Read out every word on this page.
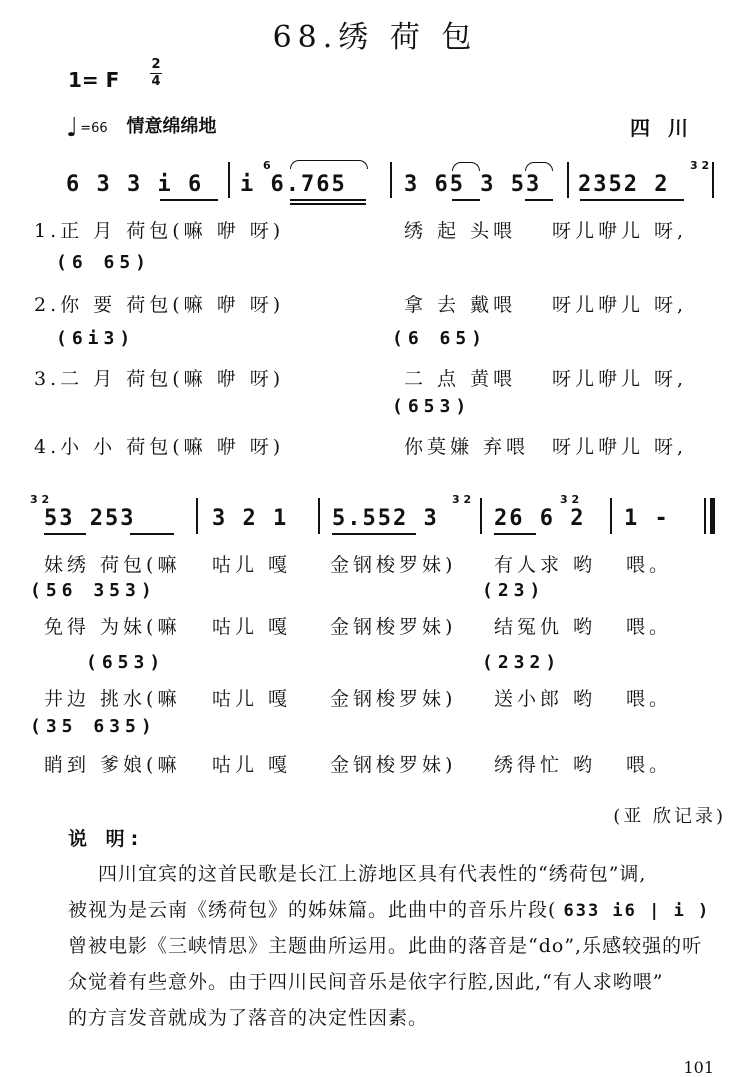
68.绣 荷 包
1= F
2
4
♩ =66 情意绵绵地	四川
6 3 3 i 6 i 6.765	3 65 3 53 2352 2
6	3 2
1.正 月 荷包(嘛 咿 呀)	绣 起 头喂 呀儿咿儿 呀,
(6 65)
2.你 要 荷包(嘛 咿 呀)	拿 去 戴喂 呀儿咿儿 呀,
(6i3)	(6 65)
3.二 月 荷包(嘛 咿 呀)	二 点 黄喂 呀儿咿儿 呀,
(653)
4.小 小 荷包(嘛 咿 呀)	你莫嫌 弃喂 呀儿咿儿 呀,
3 2
53 253	3 2 1 5.552 3
3 2
26 6 2
3 2
1 -
妹绣 荷包(嘛 咕儿 嘎 金钢梭罗妹) 有人求 哟 喂。
(56 353)	(23)
免得 为妹(嘛 咕儿 嘎 金钢梭罗妹) 结冤仇 哟 喂。
(653)	(232)
井边 挑水(嘛 咕儿 嘎 金钢梭罗妹) 送小郎 哟 喂。
(35 635)
睄到 爹娘(嘛 咕儿 嘎 金钢梭罗妹) 绣得忙 哟 喂。
(亚 欣记录)
说 明:
四川宜宾的这首民歌是长江上游地区具有代表性的“绣荷包”调,
被视为是云南《绣荷包》的姊妹篇。此曲中的音乐片段( 633 i6 | i )
曾被电影《三峡情思》主题曲所运用。此曲的落音是“do”,乐感较强的听
众觉着有些意外。由于四川民间音乐是依字行腔,因此,“有人求哟喂”
的方言发音就成为了落音的决定性因素。
101
